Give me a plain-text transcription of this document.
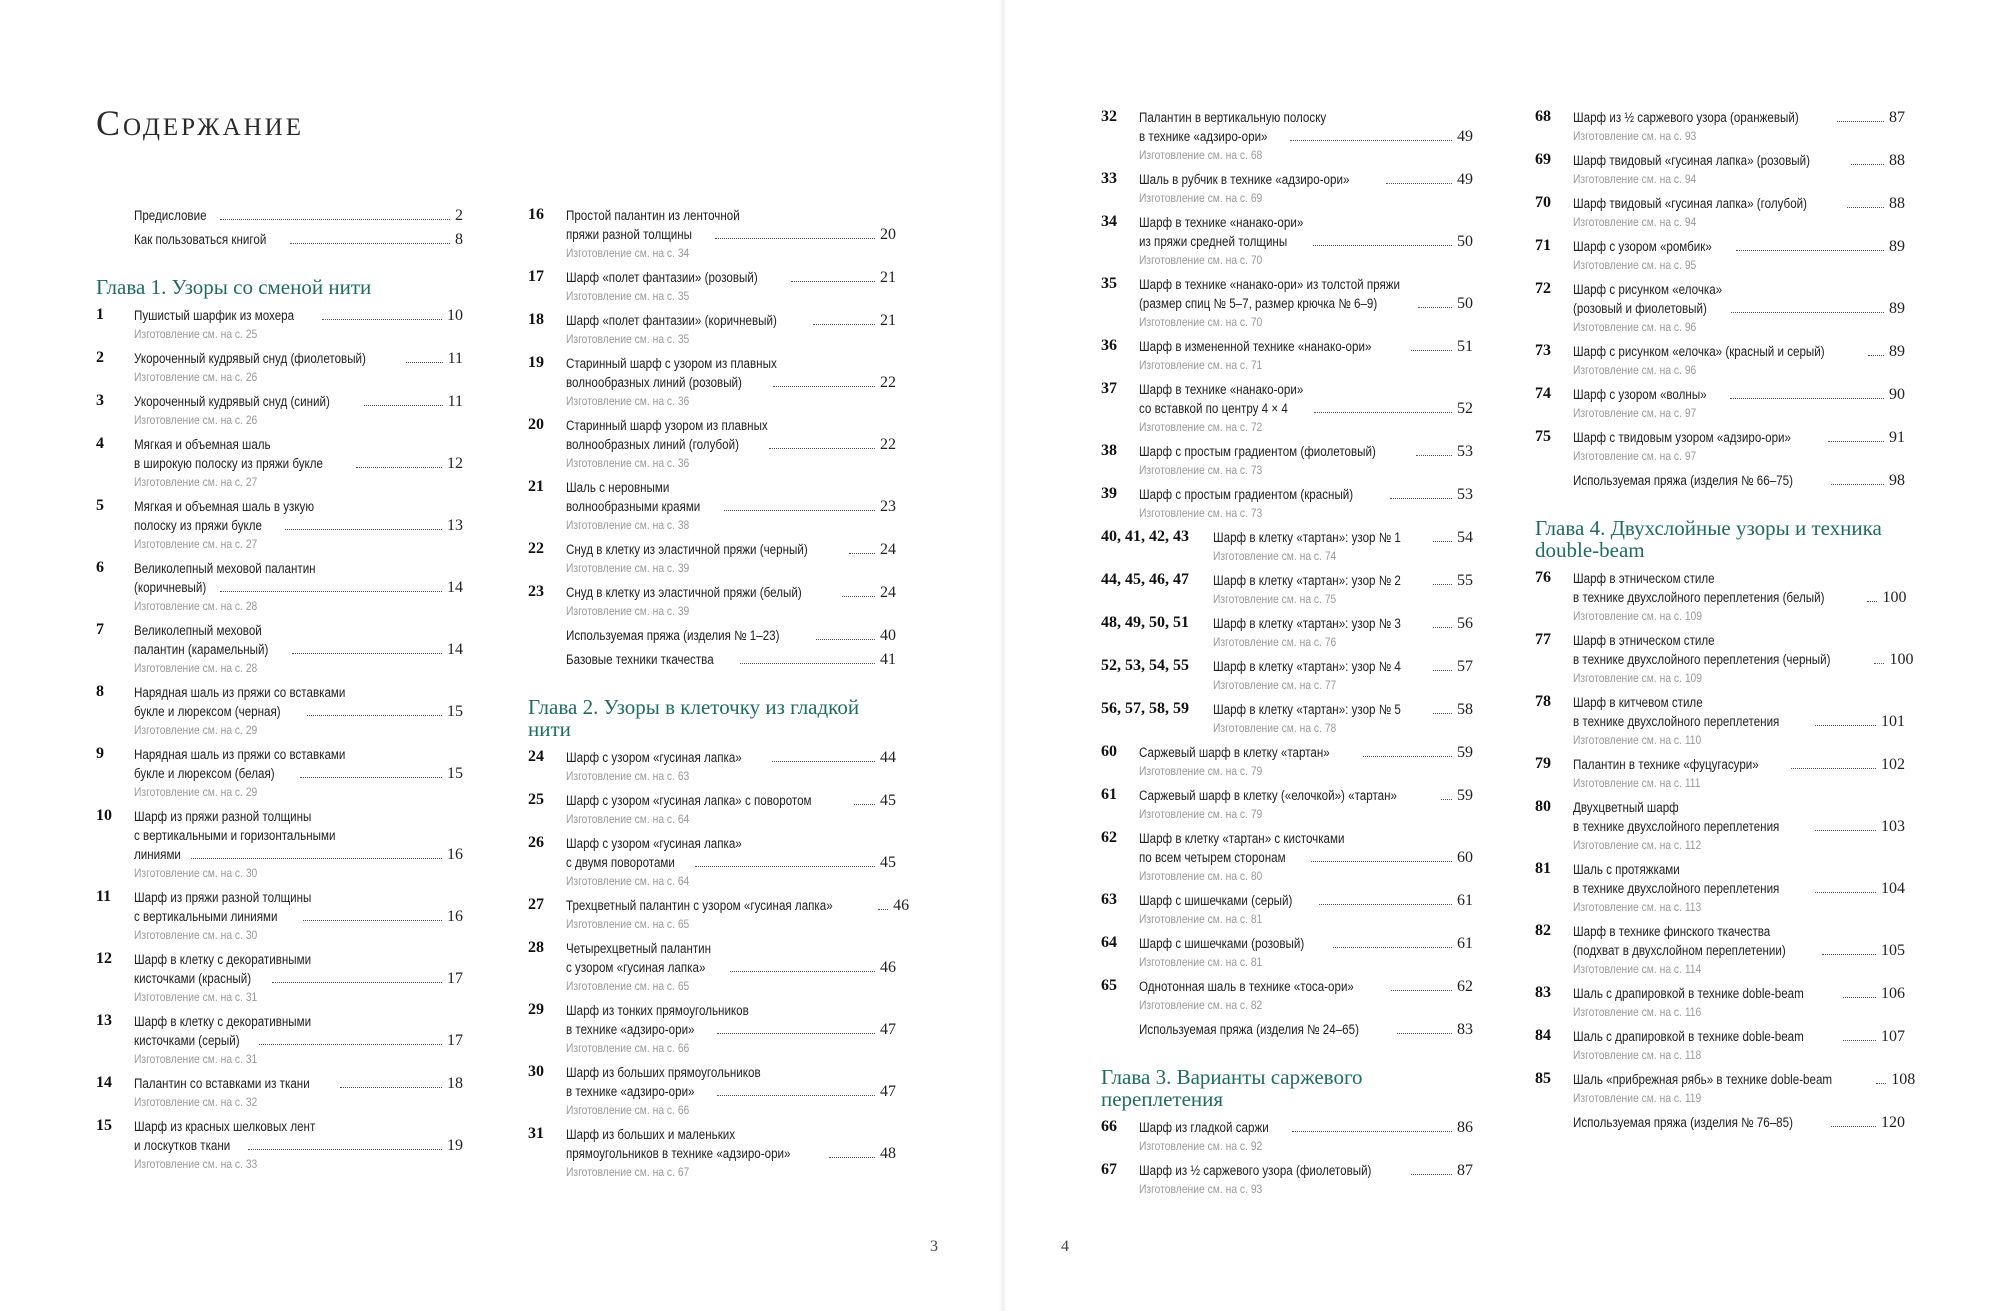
Содержание
Предисловие	2
Как пользоваться книгой	8
Глава 1. Узоры со сменой нити
1 Пушистый шарфик из мохера	10
Изготовление см. на с. 25
2 Укороченный кудрявый снуд (фиолетовый)	11
Изготовление см. на с. 26
3 Укороченный кудрявый снуд (синий)	11
Изготовление см. на с. 26
4 Мягкая и объемная шаль
в широкую полоску из пряжи букле	12
Изготовление см. на с. 27
5 Мягкая и объемная шаль в узкую
полоску из пряжи букле	13
Изготовление см. на с. 27
6 Великолепный меховой палантин
(коричневый)	14
Изготовление см. на с. 28
7 Великолепный меховой
палантин (карамельный)	14
Изготовление см. на с. 28
8 Нарядная шаль из пряжи со вставками
букле и люрексом (черная)	15
Изготовление см. на с. 29
9 Нарядная шаль из пряжи со вставками
букле и люрексом (белая)	15
Изготовление см. на с. 29
10 Шарф из пряжи разной толщины
с вертикальными и горизонтальными
линиями	16
Изготовление см. на с. 30
11 Шарф из пряжи разной толщины
с вертикальными линиями	16
Изготовление см. на с. 30
12 Шарф в клетку с декоративными
кисточками (красный)	17
Изготовление см. на с. 31
13 Шарф в клетку с декоративными
кисточками (серый)	17
Изготовление см. на с. 31
14 Палантин со вставками из ткани	18
Изготовление см. на с. 32
15 Шарф из красных шелковых лент
и лоскутков ткани	19
Изготовление см. на с. 33
16 Простой палантин из ленточной
пряжи разной толщины	20
Изготовление см. на с. 34
17 Шарф «полет фантазии» (розовый)	21
Изготовление см. на с. 35
18 Шарф «полет фантазии» (коричневый)	21
Изготовление см. на с. 35
19 Старинный шарф с узором из плавных
волнообразных линий (розовый)	22
Изготовление см. на с. 36
20 Старинный шарф узором из плавных
волнообразных линий (голубой)	22
Изготовление см. на с. 36
21 Шаль с неровными
волнообразными краями	23
Изготовление см. на с. 38
22 Снуд в клетку из эластичной пряжи (черный)	24
Изготовление см. на с. 39
23 Снуд в клетку из эластичной пряжи (белый)	24
Изготовление см. на с. 39
Используемая пряжа (изделия № 1–23)	40
Базовые техники ткачества	41
Глава 2. Узоры в клеточку из гладкой нити
24 Шарф с узором «гусиная лапка»	44
Изготовление см. на с. 63
25 Шарф с узором «гусиная лапка» с поворотом	45
Изготовление см. на с. 64
26 Шарф с узором «гусиная лапка»
с двумя поворотами	45
Изготовление см. на с. 64
27 Трехцветный палантин с узором «гусиная лапка»	46
Изготовление см. на с. 65
28 Четырехцветный палантин
с узором «гусиная лапка»	46
Изготовление см. на с. 65
29 Шарф из тонких прямоугольников
в технике «адзиро-ори»	47
Изготовление см. на с. 66
30 Шарф из больших прямоугольников
в технике «адзиро-ори»	47
Изготовление см. на с. 66
31 Шарф из больших и маленьких
прямоугольников в технике «адзиро-ори»	48
Изготовление см. на с. 67
3
32 Палантин в вертикальную полоску
в технике «адзиро-ори»	49
Изготовление см. на с. 68
33 Шаль в рубчик в технике «адзиро-ори»	49
Изготовление см. на с. 69
34 Шарф в технике «нанако-ори»
из пряжи средней толщины	50
Изготовление см. на с. 70
35 Шарф в технике «нанако-ори» из толстой пряжи
(размер спиц № 5–7, размер крючка № 6–9)	50
Изготовление см. на с. 70
36 Шарф в измененной технике «нанако-ори»	51
Изготовление см. на с. 71
37 Шарф в технике «нанако-ори»
со вставкой по центру 4 × 4	52
Изготовление см. на с. 72
38 Шарф с простым градиентом (фиолетовый)	53
Изготовление см. на с. 73
39 Шарф с простым градиентом (красный)	53
Изготовление см. на с. 73
40, 41, 42, 43 Шарф в клетку «тартан»: узор № 1	54
Изготовление см. на с. 74
44, 45, 46, 47 Шарф в клетку «тартан»: узор № 2	55
Изготовление см. на с. 75
48, 49, 50, 51 Шарф в клетку «тартан»: узор № 3	56
Изготовление см. на с. 76
52, 53, 54, 55 Шарф в клетку «тартан»: узор № 4	57
Изготовление см. на с. 77
56, 57, 58, 59 Шарф в клетку «тартан»: узор № 5	58
Изготовление см. на с. 78
60 Саржевый шарф в клетку «тартан»	59
Изготовление см. на с. 79
61 Саржевый шарф в клетку («елочкой») «тартан»	59
Изготовление см. на с. 79
62 Шарф в клетку «тартан» с кисточками
по всем четырем сторонам	60
Изготовление см. на с. 80
63 Шарф с шишечками (серый)	61
Изготовление см. на с. 81
64 Шарф с шишечками (розовый)	61
Изготовление см. на с. 81
65 Однотонная шаль в технике «тоса-ори»	62
Изготовление см. на с. 82
Используемая пряжа (изделия № 24–65)	83
Глава 3. Варианты саржевого переплетения
66 Шарф из гладкой саржи	86
Изготовление см. на с. 92
67 Шарф из ½ саржевого узора (фиолетовый)	87
Изготовление см. на с. 93
68 Шарф из ½ саржевого узора (оранжевый)	87
Изготовление см. на с. 93
69 Шарф твидовый «гусиная лапка» (розовый)	88
Изготовление см. на с. 94
70 Шарф твидовый «гусиная лапка» (голубой)	88
Изготовление см. на с. 94
71 Шарф с узором «ромбик»	89
Изготовление см. на с. 95
72 Шарф с рисунком «елочка»
(розовый и фиолетовый)	89
Изготовление см. на с. 96
73 Шарф с рисунком «елочка» (красный и серый)	89
Изготовление см. на с. 96
74 Шарф с узором «волны»	90
Изготовление см. на с. 97
75 Шарф с твидовым узором «адзиро-ори»	91
Изготовление см. на с. 97
Используемая пряжа (изделия № 66–75)	98
Глава 4. Двухслойные узоры и техника double-beam
76 Шарф в этническом стиле
в технике двухслойного переплетения (белый)	100
Изготовление см. на с. 109
77 Шарф в этническом стиле
в технике двухслойного переплетения (черный)	100
Изготовление см. на с. 109
78 Шарф в китчевом стиле
в технике двухслойного переплетения	101
Изготовление см. на с. 110
79 Палантин в технике «фуцугасури»	102
Изготовление см. на с. 111
80 Двухцветный шарф
в технике двухслойного переплетения	103
Изготовление см. на с. 112
81 Шаль с протяжками
в технике двухслойного переплетения	104
Изготовление см. на с. 113
82 Шарф в технике финского ткачества
(подхват в двухслойном переплетении)	105
Изготовление см. на с. 114
83 Шаль с драпировкой в технике doble-beam	106
Изготовление см. на с. 116
84 Шаль с драпировкой в технике doble-beam	107
Изготовление см. на с. 118
85 Шаль «прибрежная рябь» в технике doble-beam	108
Изготовление см. на с. 119
Используемая пряжа (изделия № 76–85)	120
4
